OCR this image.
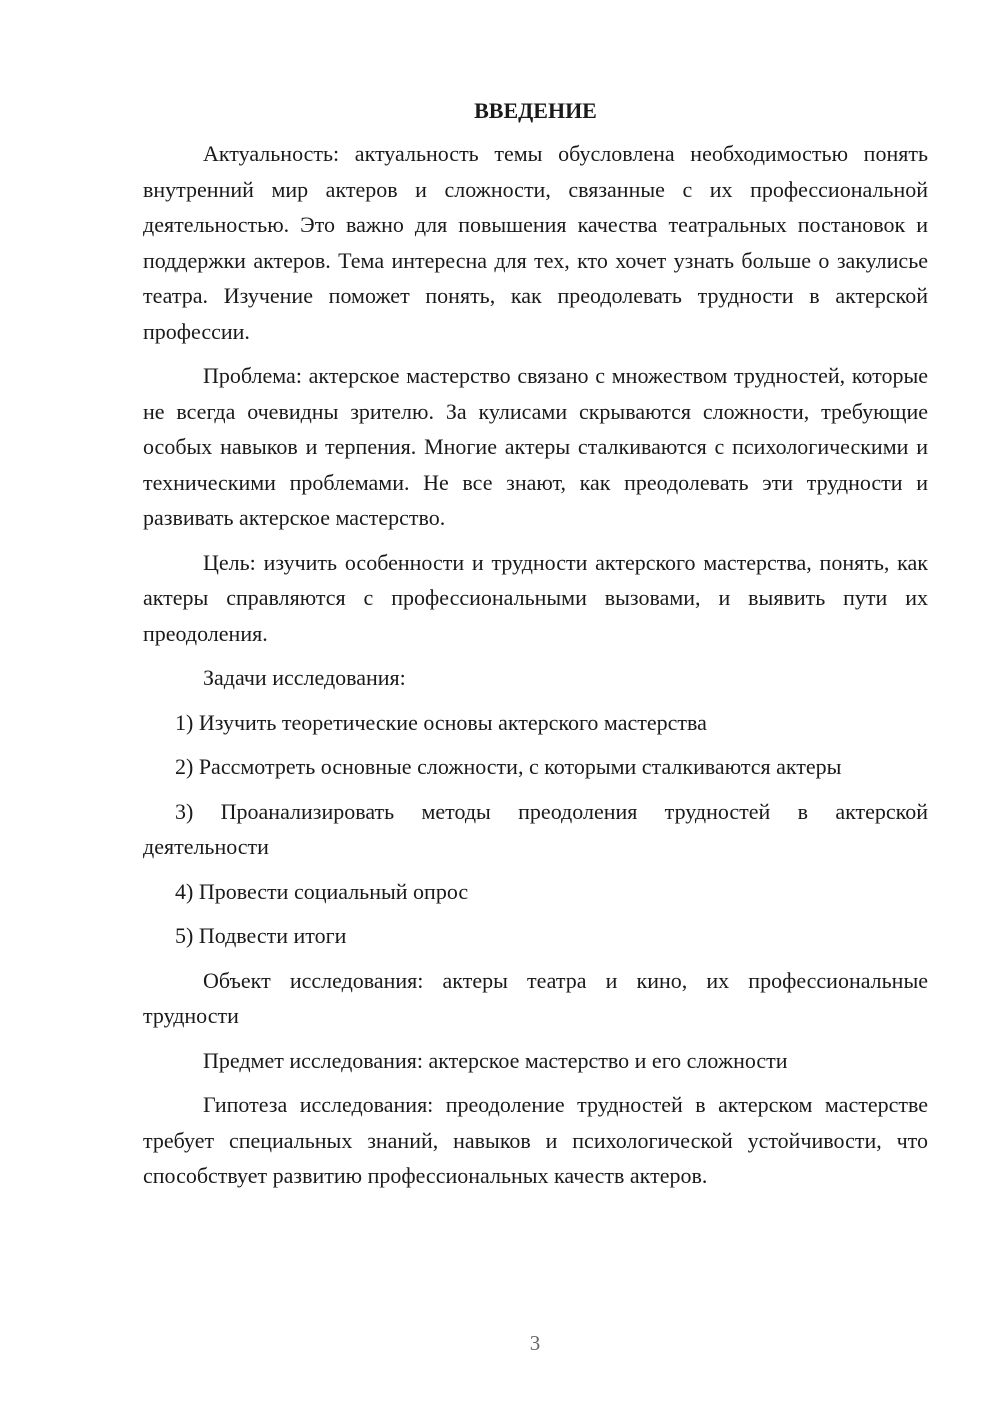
ВВЕДЕНИЕ

Актуальность: актуальность темы обусловлена необходимостью понять внутренний мир актеров и сложности, связанные с их профессиональной деятельностью. Это важно для повышения качества театральных постановок и поддержки актеров. Тема интересна для тех, кто хочет узнать больше о закулисье театра. Изучение поможет понять, как преодолевать трудности в актерской профессии.

Проблема: актерское мастерство связано с множеством трудностей, которые не всегда очевидны зрителю. За кулисами скрываются сложности, требующие особых навыков и терпения. Многие актеры сталкиваются с психологическими и техническими проблемами. Не все знают, как преодолевать эти трудности и развивать актерское мастерство.

Цель: изучить особенности и трудности актерского мастерства, понять, как актеры справляются с профессиональными вызовами, и выявить пути их преодоления.

Задачи исследования:

1) Изучить теоретические основы актерского мастерства

2) Рассмотреть основные сложности, с которыми сталкиваются актеры

3) Проанализировать методы преодоления трудностей в актерской деятельности

4) Провести социальный опрос

5) Подвести итоги

Объект исследования: актеры театра и кино, их профессиональные трудности

Предмет исследования: актерское мастерство и его сложности

Гипотеза исследования: преодоление трудностей в актерском мастерстве требует специальных знаний, навыков и психологической устойчивости, что способствует развитию профессиональных качеств актеров.

3
